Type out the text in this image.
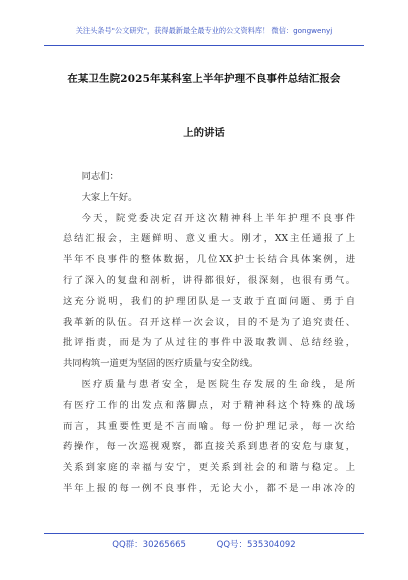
关注头条号"公文研究"，获得最新最全最专业的公文资料库！ 微信：gongwenyj
在某卫生院2025年某科室上半年护理不良事件总结汇报会
上的讲话
同志们：
大家上午好。
今天，院党委决定召开这次精神科上半年护理不良事件
总结汇报会，主题鲜明、意义重大。刚才，XX主任通报了上
半年不良事件的整体数据，几位XX护士长结合具体案例，进
行了深入的复盘和剖析，讲得都很好，很深刻，也很有勇气。
这充分说明，我们的护理团队是一支敢于直面问题、勇于自
我革新的队伍。召开这样一次会议，目的不是为了追究责任、
批评指责，而是为了从过往的事件中汲取教训、总结经验，
共同构筑一道更为坚固的医疗质量与安全防线。
医疗质量与患者安全，是医院生存发展的生命线，是所
有医疗工作的出发点和落脚点，对于精神科这个特殊的战场
而言，其重要性更是不言而喻。每一份护理记录，每一次给
药操作，每一次巡视观察，都直接关系到患者的安危与康复，
关系到家庭的幸福与安宁，更关系到社会的和谐与稳定。上
半年上报的每一例不良事件，无论大小，都不是一串冰冷的
QQ群：30265665	QQ号：535304092
